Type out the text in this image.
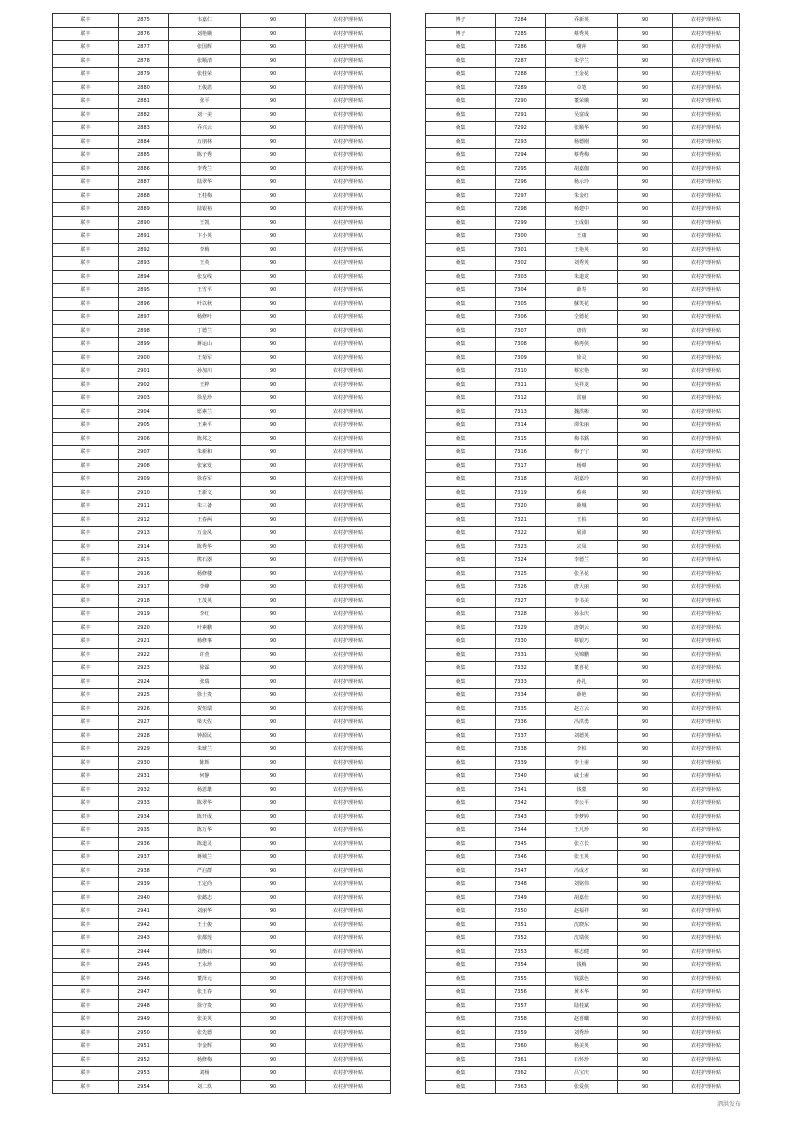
联丰	2875	韦嘉仁	90	农村护理补贴
联丰	2876	刘艳娥	90	农村护理补贴
联丰	2877	张国辉	90	农村护理补贴
联丰	2878	张顺清	90	农村护理补贴
联丰	2879	张桂荣	90	农村护理补贴
联丰	2880	王俊恩	90	农村护理补贴
联丰	2881	张平	90	农村护理补贴
联丰	2882	刘一美	90	农村护理补贴
联丰	2883	乔兴云	90	农村护理补贴
联丰	2884	万朋林	90	农村护理补贴
联丰	2885	陈子秀	90	农村护理补贴
联丰	2886	李秀兰	90	农村护理补贴
联丰	2887	陆翠华	90	农村护理补贴
联丰	2888	王桂梅	90	农村护理补贴
联丰	2889	陆银裕	90	农村护理补贴
联丰	2890	王凯	90	农村护理补贴
联丰	2891	卞小英	90	农村护理补贴
联丰	2892	李梅	90	农村护理补贴
联丰	2893	王英	90	农村护理补贴
联丰	2894	张友线	90	农村护理补贴
联丰	2895	王雪平	90	农村护理补贴
联丰	2896	叶以秋	90	农村护理补贴
联丰	2897	杨修叶	90	农村护理补贴
联丰	2898	丁德兰	90	农村护理补贴
联丰	2899	蒋运山	90	农村护理补贴
联丰	2900	王菊军	90	农村护理补贴
联丰	2901	孙加川	90	农村护理补贴
联丰	2902	王粹	90	农村护理补贴
联丰	2903	徐星珍	90	农村护理补贴
联丰	2904	愿素兰	90	农村护理补贴
联丰	2905	王素平	90	农村护理补贴
联丰	2906	陈邦之	90	农村护理补贴
联丰	2907	朱新和	90	农村护理补贴
联丰	2908	张家发	90	农村护理补贴
联丰	2909	徐春军	90	农村护理补贴
联丰	2910	王新文	90	农村护理补贴
联丰	2911	朱三备	90	农村护理补贴
联丰	2912	王春两	90	农村护理补贴
联丰	2913	万金凤	90	农村护理补贴
联丰	2914	陈秀华	90	农村护理补贴
联丰	2915	熊石器	90	农村护理补贴
联丰	2916	杨修楼	90	农村护理补贴
联丰	2917	李峰	90	农村护理补贴
联丰	2918	王茂英	90	农村护理补贴
联丰	2919	李红	90	农村护理补贴
联丰	2920	叶素鹏	90	农村护理补贴
联丰	2921	杨修事	90	农村护理补贴
联丰	2922	许萱	90	农村护理补贴
联丰	2923	徐霖	90	农村护理补贴
联丰	2924	张瑞	90	农村护理补贴
联丰	2925	徐士贵	90	农村护理补贴
联丰	2926	贺恒瑞	90	农村护理补贴
联丰	2927	梁天佐	90	农村护理补贴
联丰	2928	钟源民	90	农村护理补贴
联丰	2929	朱琥兰	90	农村护理补贴
联丰	2930	陈辉	90	农村护理补贴
联丰	2931	何静	90	农村护理补贴
联丰	2932	杨恩雄	90	农村护理补贴
联丰	2933	陈翠华	90	农村护理补贴
联丰	2934	陈开成	90	农村护理补贴
联丰	2935	陈万华	90	农村护理补贴
联丰	2936	陈道灵	90	农村护理补贴
联丰	2937	蒋城兰	90	农村护理补贴
联丰	2938	严启群	90	农村护理补贴
联丰	2939	王定尚	90	农村护理补贴
联丰	2940	张懿志	90	农村护理补贴
联丰	2941	刘丽华	90	农村护理补贴
联丰	2942	王士俊	90	农村护理补贴
联丰	2943	张都莲	90	农村护理补贴
联丰	2944	陆衡石	90	农村护理补贴
联丰	2945	王永珍	90	农村护理补贴
联丰	2946	董泽元	90	农村护理补贴
联丰	2947	张玉春	90	农村护理补贴
联丰	2948	徐守贵	90	农村护理补贴
联丰	2949	张美英	90	农村护理补贴
联丰	2950	张先德	90	农村护理补贴
联丰	2951	李金辉	90	农村护理补贴
联丰	2952	杨修梅	90	农村护理补贴
联丰	2953	刘杨	90	农村护理补贴
联丰	2954	刘二玖	90	农村护理补贴
博子	7284	乔新英	90	农村护理补贴
博子	7285	蔡秀英	90	农村护理补贴
桑集	7286	曙萍	90	农村护理补贴
桑集	7287	朱学兰	90	农村护理补贴
桑集	7288	王金花	90	农村护理补贴
桑集	7289	卓笔	90	农村护理补贴
桑集	7290	董荣娥	90	农村护理补贴
桑集	7291	吴富成	90	农村护理补贴
桑集	7292	张顺华	90	农村护理补贴
桑集	7293	杨德刚	90	农村护理补贴
桑集	7294	蔡秀梅	90	农村护理补贴
桑集	7295	胡嘉伽	90	农村护理补贴
桑集	7296	杨示玲	90	农村护理补贴
桑集	7297	朱金红	90	农村护理补贴
桑集	7298	杨建中	90	农村护理补贴
桑集	7299	王成娟	90	农村护理补贴
桑集	7300	王康	90	农村护理补贴
桑集	7301	王艳英	90	农村护理补贴
桑集	7302	刘秀英	90	农村护理补贴
桑集	7303	朱道龙	90	农村护理补贴
桑集	7304	薛寿	90	农村护理补贴
桑集	7305	蘇笑花	90	农村护理补贴
桑集	7306	仝德花	90	农村护理补贴
桑集	7307	唐钧	90	农村护理补贴
桑集	7308	杨再侠	90	农村护理补贴
桑集	7309	徐灵	90	农村护理补贴
桑集	7310	蔡宏艳	90	农村护理补贴
桑集	7311	吴祥龙	90	农村护理补贴
桑集	7312	雷丽	90	农村护理补贴
桑集	7313	魏洪彬	90	农村护理补贴
桑集	7314	谭朱丽	90	农村护理补贴
桑集	7315	梅书銘	90	农村护理补贴
桑集	7316	梅子宁	90	农村护理补贴
桑集	7317	杨绵	90	农村护理补贴
桑集	7318	胡嘉玲	90	农村护理补贴
桑集	7319	蔡爽	90	农村护理补贴
桑集	7320	薛城	90	农村护理补贴
桑集	7321	王柏	90	农村护理补贴
桑集	7322	展沛	90	农村护理补贴
桑集	7323	宗凤	90	农村护理补贴
桑集	7324	李德兰	90	农村护理补贴
桑集	7325	张圣花	90	农村护理补贴
桑集	7326	唐大丽	90	农村护理补贴
桑集	7327	李书美	90	农村护理补贴
桑集	7328	孙永庆	90	农村护理补贴
桑集	7329	唐朝云	90	农村护理补贴
桑集	7330	蔡银巧	90	农村护理补贴
桑集	7331	吴锦鹏	90	农村护理补贴
桑集	7332	董喜花	90	农村护理补贴
桑集	7333	孙礼	90	农村护理补贴
桑集	7334	薛艳	90	农村护理补贴
桑集	7335	赵立云	90	农村护理补贴
桑集	7336	冯洪勇	90	农村护理补贴
桑集	7337	刘德英	90	农村护理补贴
桑集	7338	李柏	90	农村护理补贴
桑集	7339	李士甫	90	农村护理补贴
桑集	7340	戚士甫	90	农村护理补贴
桑集	7341	钱蒙	90	农村护理补贴
桑集	7342	李公平	90	农村护理补贴
桑集	7343	李梦婷	90	农村护理补贴
桑集	7344	王凡珍	90	农村护理补贴
桑集	7345	张立长	90	农村护理补贴
桑集	7346	张玉英	90	农村护理补贴
桑集	7347	冯成才	90	农村护理补贴
桑集	7348	刘铭伟	90	农村护理补贴
桑集	7349	胡嘉仕	90	农村护理补贴
桑集	7350	赵福祥	90	农村护理补贴
桑集	7351	沈晓东	90	农村护理补贴
桑集	7352	沈瑞侠	90	农村护理补贴
桑集	7353	蔡志健	90	农村护理补贴
桑集	7354	钱梅	90	农村护理补贴
桑集	7355	钱露色	90	农村护理补贴
桑集	7356	黄本华	90	农村护理补贴
桑集	7357	陆桂斌	90	农村护理补贴
桑集	7358	赵喜曦	90	农村护理补贴
桑集	7359	刘秀珍	90	农村护理补贴
桑集	7360	杨美英	90	农村护理补贴
桑集	7361	石怀珍	90	农村护理补贴
桑集	7362	吕宝庆	90	农村护理补贴
桑集	7363	张爱侠	90	农村护理补贴
泗洪发布
